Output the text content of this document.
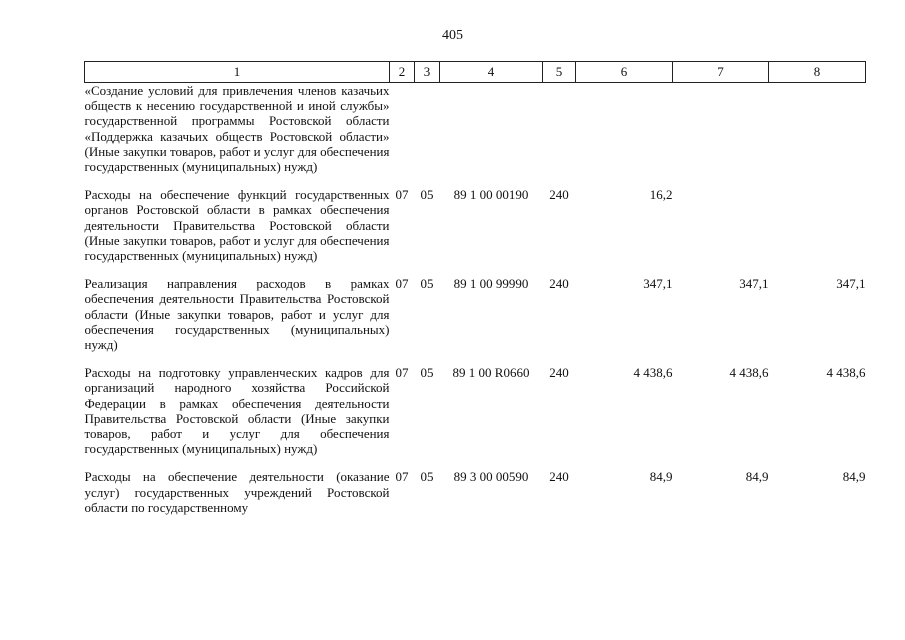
405
1	2	3	4	5	6	7	8
«Создание условий для привлечения членов казачьих обществ к несению государственной и иной службы» государственной программы Ростовской области «Поддержка казачьих обществ Ростовской области» (Иные закупки товаров, работ и услуг для обеспечения государственных (муниципальных) нужд)							
Расходы на обеспечение функций государственных органов Ростовской области в рамках обеспечения деятельности Правительства Ростовской области (Иные закупки товаров, работ и услуг для обеспечения государственных (муниципальных) нужд)	07	05	89 1 00 00190	240	16,2		
Реализация направления расходов в рамках обеспечения деятельности Правительства Ростовской области (Иные закупки товаров, работ и услуг для обеспечения государственных (муниципальных) нужд)	07	05	89 1 00 99990	240	347,1	347,1	347,1
Расходы на подготовку управленческих кадров для организаций народного хозяйства Российской Федерации в рамках обеспечения деятельности Правительства Ростовской области (Иные закупки товаров, работ и услуг для обеспечения государственных (муниципальных) нужд)	07	05	89 1 00 R0660	240	4 438,6	4 438,6	4 438,6
Расходы на обеспечение деятельности (оказание услуг) государственных учреждений Ростовской области по государственному	07	05	89 3 00 00590	240	84,9	84,9	84,9
